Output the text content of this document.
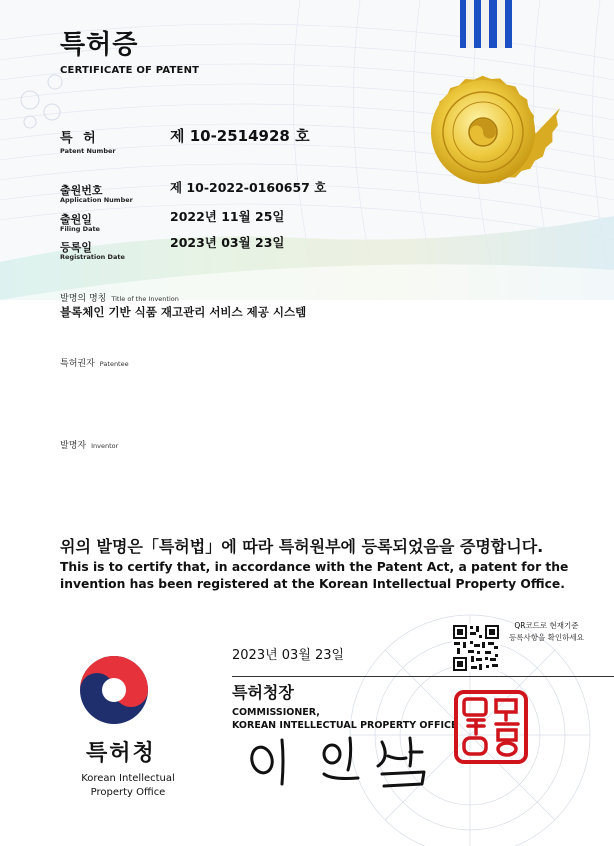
특허증
CERTIFICATE OF PATENT
특 허
Patent Number
제 10-2514928 호
출원번호
Application Number
제 10-2022-0160657 호
출원일
Filing Date
2022년 11월 25일
등록일
Registration Date
2023년 03월 23일
발명의 명칭 Title of the Invention
블록체인 기반 식품 재고관리 서비스 제공 시스템
특허권자 Patentee
발명자 Inventor
위의 발명은「특허법」에 따라 특허원부에 등록되었음을 증명합니다.
This is to certify that, in accordance with the Patent Act, a patent for the
invention has been registered at the Korean Intellectual Property Office.
2023년 03월 23일
QR코드로 현재기준
등록사항을 확인하세요
특허청장
COMMISSIONER,
KOREAN INTELLECTUAL PROPERTY OFFICE
특허청
Korean Intellectual
Property Office
